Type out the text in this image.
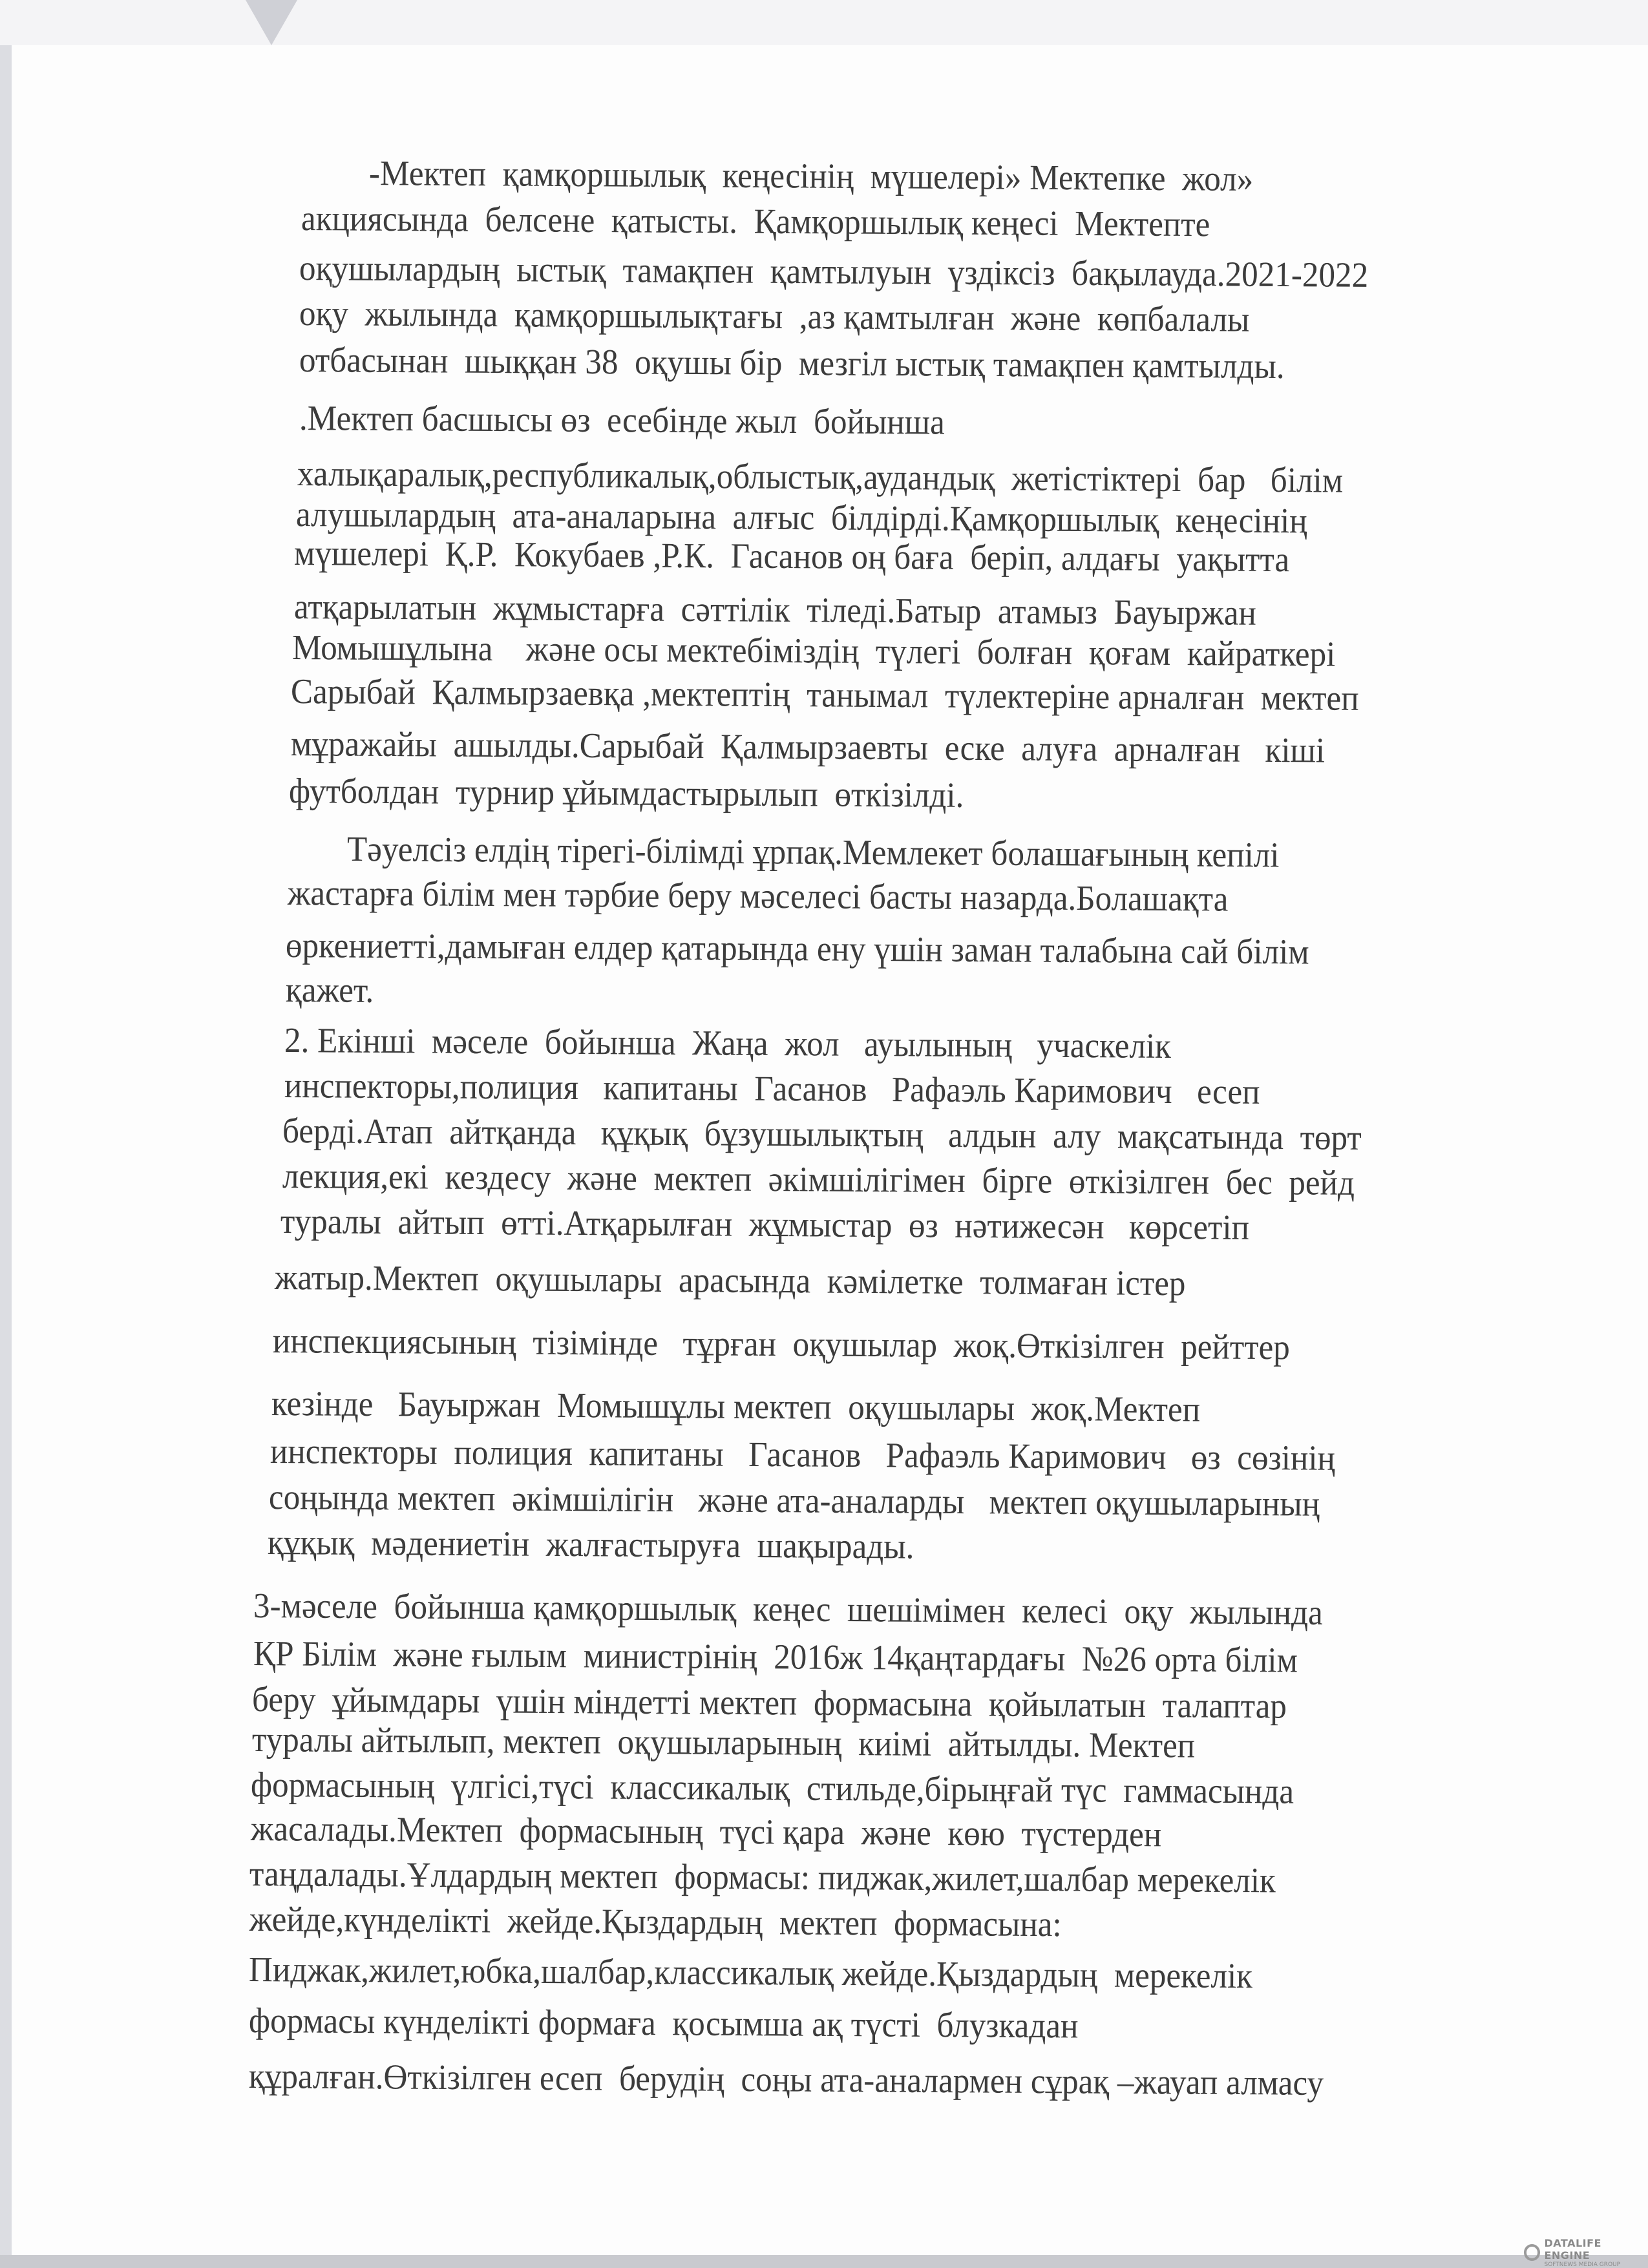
-Мектеп  қамқоршылық  кеңесінің  мүшелері» Мектепке  жол»
акциясында  белсене  қатысты.  Қамқоршылық кеңесі  Мектепте
оқушылардың  ыстық  тамақпен  қамтылуын  үздіксіз  бақылауда.2021-2022
оқу  жылында  қамқоршылықтағы  ,аз қамтылған  және  көпбалалы
отбасынан  шыққан 38  оқушы бір  мезгіл ыстық тамақпен қамтылды.
.Мектеп басшысы өз  есебінде жыл  бойынша
халықаралық,республикалық,облыстық,аудандық  жетістіктері  бар   білім
алушылардың  ата-аналарына  алғыс  білдірді.Қамқоршылық  кеңесінің
мүшелері  Қ.Р.  Кокубаев ,Р.К.  Гасанов оң баға  беріп, алдағы  уақытта
атқарылатын  жұмыстарға  сәттілік  тіледі.Батыр  атамыз  Бауыржан
Момышұлына    және осы мектебіміздің  түлегі  болған  қоғам  кайраткері
Сарыбай  Қалмырзаевқа ,мектептің  танымал  түлектеріне арналған  мектеп
мұражайы  ашылды.Сарыбай  Қалмырзаевты  еске  алуға  арналған   кіші
футболдан  турнир ұйымдастырылып  өткізілді.
Тәуелсіз елдің тірегі-білімді ұрпақ.Мемлекет болашағының кепілі
жастарға білім мен тәрбие беру мәселесі басты назарда.Болашақта
өркениетті,дамыған елдер қатарында ену үшін заман талабына сай білім
қажет.
2. Екінші  мәселе  бойынша  Жаңа  жол   ауылының   учаскелік
инспекторы,полиция   капитаны  Гасанов   Рафаэль Каримович   есеп
берді.Атап  айтқанда   құқық  бұзушылықтың   алдын  алу  мақсатында  төрт
лекция,екі  кездесу  және  мектеп  әкімшілігімен  бірге  өткізілген  бес  рейд
туралы  айтып  өтті.Атқарылған  жұмыстар  өз  нәтижесән   көрсетіп
жатыр.Мектеп  оқушылары  арасында  кәмілетке  толмаған істер
инспекциясының  тізімінде   тұрған  оқушылар  жоқ.Өткізілген  рейттер
кезінде   Бауыржан  Момышұлы мектеп  оқушылары  жоқ.Мектеп
инспекторы  полиция  капитаны   Гасанов   Рафаэль Каримович   өз  сөзінің
соңында мектеп  әкімшілігін   және ата-аналарды   мектеп оқушыларының
құқық  мәдениетін  жалғастыруға  шақырады.
3-мәселе  бойынша қамқоршылық  кеңес  шешімімен  келесі  оқу  жылында
ҚР Білім  және ғылым  министрінің  2016ж 14қаңтардағы  №26 орта білім
беру  ұйымдары  үшін міндетті мектеп  формасына  қойылатын  талаптар
туралы айтылып, мектеп  оқушыларының  киімі  айтылды. Мектеп
формасының  үлгісі,түсі  классикалық  стильде,бірыңғай түс  гаммасында
жасалады.Мектеп  формасының  түсі қара  және  көю  түстерден
таңдалады.Ұлдардың мектеп  формасы: пиджак,жилет,шалбар мерекелік
жейде,күнделікті  жейде.Қыздардың  мектеп  формасына:
Пиджак,жилет,юбка,шалбар,классикалық жейде.Қыздардың  мерекелік
формасы күнделікті формаға  қосымша ақ түсті  блузкадан
құралған.Өткізілген есеп  берудің  соңы ата-аналармен сұрақ –жауап алмасу
DATALIFE ENGINE
SOFTNEWS MEDIA GROUP
